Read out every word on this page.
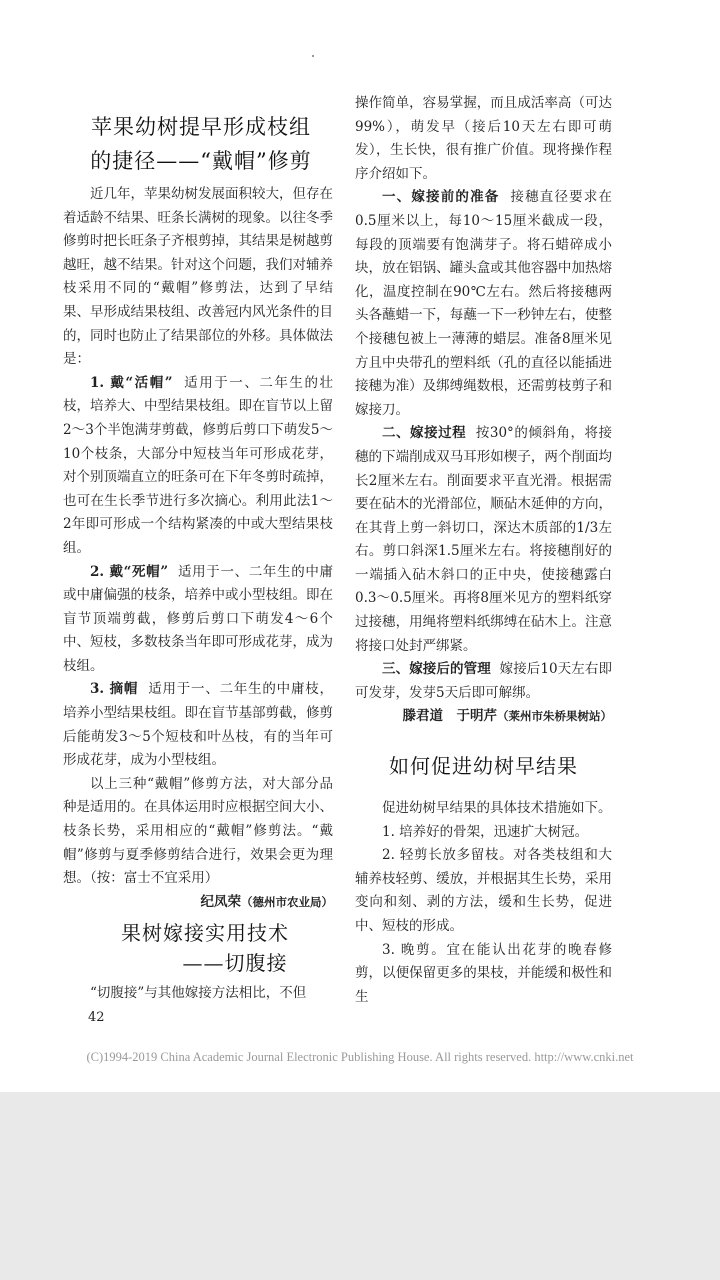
苹果幼树提早形成枝组
的捷径——“戴帽”修剪

近几年，苹果幼树发展面积较大，但存在着适龄不结果、旺条长满树的现象。以往冬季修剪时把长旺条子齐根剪掉，其结果是树越剪越旺，越不结果。针对这个问题，我们对辅养枝采用不同的“戴帽”修剪法，达到了早结果、早形成结果枝组、改善冠内风光条件的目的，同时也防止了结果部位的外移。具体做法是：

1. 戴“活帽” 适用于一、二年生的壮枝，培养大、中型结果枝组。即在盲节以上留2～3个半饱满芽剪截，修剪后剪口下萌发5～10个枝条，大部分中短枝当年可形成花芽，对个别顶端直立的旺条可在下年冬剪时疏掉，也可在生长季节进行多次摘心。利用此法1～2年即可形成一个结构紧凑的中或大型结果枝组。

2. 戴“死帽” 适用于一、二年生的中庸或中庸偏强的枝条，培养中或小型枝组。即在盲节顶端剪截，修剪后剪口下萌发4～6个中、短枝，多数枝条当年即可形成花芽，成为枝组。

3. 摘帽 适用于一、二年生的中庸枝，培养小型结果枝组。即在盲节基部剪截，修剪后能萌发3～5个短枝和叶丛枝，有的当年可形成花芽，成为小型枝组。

以上三种“戴帽”修剪方法，对大部分品种是适用的。在具体运用时应根据空间大小、枝条长势，采用相应的“戴帽”修剪法。“戴帽”修剪与夏季修剪结合进行，效果会更为理想。（按：富士不宜采用）

纪凤荣（德州市农业局）

果树嫁接实用技术
——切腹接

“切腹接”与其他嫁接方法相比，不但

42

操作简单，容易掌握，而且成活率高（可达99%），萌发早（接后10天左右即可萌发），生长快，很有推广价值。现将操作程序介绍如下。

一、嫁接前的准备 接穗直径要求在0.5厘米以上，每10～15厘米截成一段，每段的顶端要有饱满芽子。将石蜡碎成小块，放在铝锅、罐头盒或其他容器中加热熔化，温度控制在90℃左右。然后将接穗两头各蘸蜡一下，每蘸一下一秒钟左右，使整个接穗包被上一薄薄的蜡层。准备8厘米见方且中央带孔的塑料纸（孔的直径以能插进接穗为准）及绑缚绳数根，还需剪枝剪子和嫁接刀。

二、嫁接过程 按30°的倾斜角，将接穗的下端削成双马耳形如楔子，两个削面均长2厘米左右。削面要求平直光滑。根据需要在砧木的光滑部位，顺砧木延伸的方向，在其背上剪一斜切口，深达木质部的1/3左右。剪口斜深1.5厘米左右。将接穗削好的一端插入砧木斜口的正中央，使接穗露白0.3～0.5厘米。再将8厘米见方的塑料纸穿过接穗，用绳将塑料纸绑缚在砧木上。注意将接口处封严绑紧。

三、嫁接后的管理 嫁接后10天左右即可发芽，发芽5天后即可解绑。

滕君道　于明芹（莱州市朱桥果树站）

如何促进幼树早结果

促进幼树早结果的具体技术措施如下。

1. 培养好的骨架，迅速扩大树冠。

2. 轻剪长放多留枝。对各类枝组和大辅养枝轻剪、缓放，并根据其生长势，采用变向和刻、剥的方法，缓和生长势，促进中、短枝的形成。

3. 晚剪。宜在能认出花芽的晚春修剪，以便保留更多的果枝，并能缓和极性和生

(C)1994-2019 China Academic Journal Electronic Publishing House. All rights reserved. http://www.cnki.net
